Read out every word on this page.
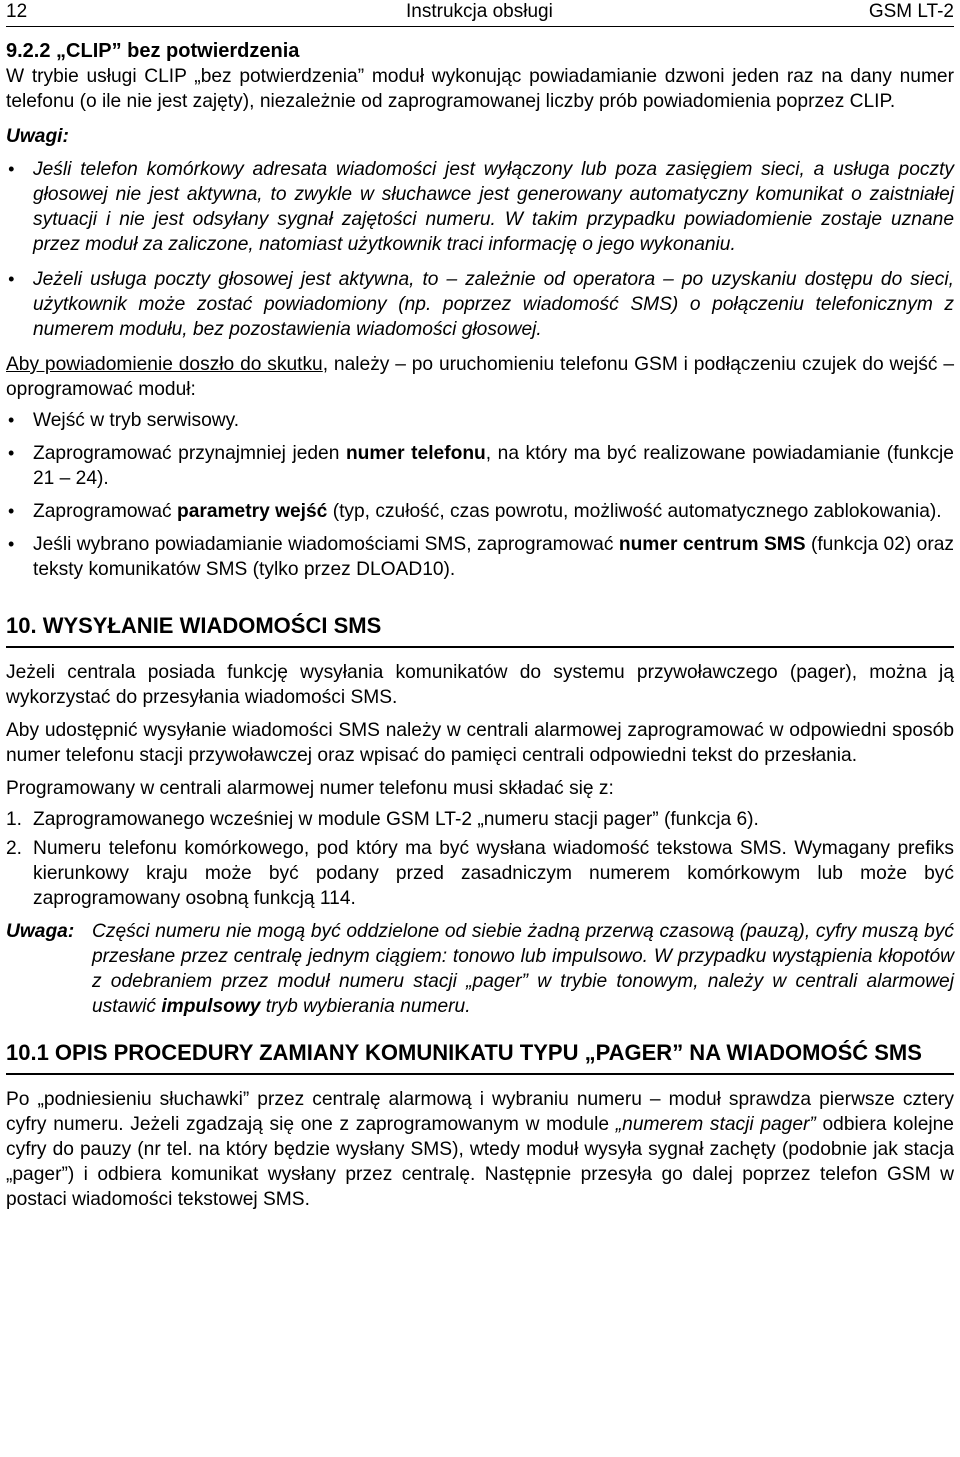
12	Instrukcja obsługi	GSM LT-2
9.2.2 „CLIP” bez potwierdzenia

W trybie usługi CLIP „bez potwierdzenia” moduł wykonując powiadamianie dzwoni jeden raz na dany numer telefonu (o ile nie jest zajęty), niezależnie od zaprogramowanej liczby prób powiadomienia poprzez CLIP.

Uwagi:
• Jeśli telefon komórkowy adresata wiadomości jest wyłączony lub poza zasięgiem sieci, a usługa poczty głosowej nie jest aktywna, to zwykle w słuchawce jest generowany automatyczny komunikat o zaistniałej sytuacji i nie jest odsyłany sygnał zajętości numeru. W takim przypadku powiadomienie zostaje uznane przez moduł za zaliczone, natomiast użytkownik traci informację o jego wykonaniu.
• Jeżeli usługa poczty głosowej jest aktywna, to – zależnie od operatora – po uzyskaniu dostępu do sieci, użytkownik może zostać powiadomiony (np. poprzez wiadomość SMS) o połączeniu telefonicznym z numerem modułu, bez pozostawienia wiadomości głosowej.

Aby powiadomienie doszło do skutku, należy – po uruchomieniu telefonu GSM i podłączeniu czujek do wejść – oprogramować moduł:

• Wejść w tryb serwisowy.
• Zaprogramować przynajmniej jeden numer telefonu, na który ma być realizowane powiadamianie (funkcje 21 – 24).
• Zaprogramować parametry wejść (typ, czułość, czas powrotu, możliwość automatycznego zablokowania).
• Jeśli wybrano powiadamianie wiadomościami SMS, zaprogramować numer centrum SMS (funkcja 02) oraz teksty komunikatów SMS (tylko przez DLOAD10).
10. WYSYŁANIE WIADOMOŚCI SMS

Jeżeli centrala posiada funkcję wysyłania komunikatów do systemu przywoławczego (pager), można ją wykorzystać do przesyłania wiadomości SMS.

Aby udostępnić wysyłanie wiadomości SMS należy w centrali alarmowej zaprogramować w odpowiedni sposób numer telefonu stacji przywoławczej oraz wpisać do pamięci centrali odpowiedni tekst do przesłania.

Programowany w centrali alarmowej numer telefonu musi składać się z:

1. Zaprogramowanego wcześniej w module GSM LT-2 „numeru stacji pager” (funkcja 6).
2. Numeru telefonu komórkowego, pod który ma być wysłana wiadomość tekstowa SMS. Wymagany prefiks kierunkowy kraju może być podany przed zasadniczym numerem komórkowym lub może być zaprogramowany osobną funkcją 114.
Uwaga: Części numeru nie mogą być oddzielone od siebie żadną przerwą czasową (pauzą), cyfry muszą być przesłane przez centralę jednym ciągiem: tonowo lub impulsowo. W przypadku wystąpienia kłopotów z odebraniem przez moduł numeru stacji „pager” w trybie tonowym, należy w centrali alarmowej ustawić impulsowy tryb wybierania numeru.
10.1 OPIS PROCEDURY ZAMIANY KOMUNIKATU TYPU „PAGER” NA WIADOMOŚĆ SMS

Po „podniesieniu słuchawki” przez centralę alarmową i wybraniu numeru – moduł sprawdza pierwsze cztery cyfry numeru. Jeżeli zgadzają się one z zaprogramowanym w module „numerem stacji pager” odbiera kolejne cyfry do pauzy (nr tel. na który będzie wysłany SMS), wtedy moduł wysyła sygnał zachęty (podobnie jak stacja „pager”) i odbiera komunikat wysłany przez centralę. Następnie przesyła go dalej poprzez telefon GSM w postaci wiadomości tekstowej SMS.
